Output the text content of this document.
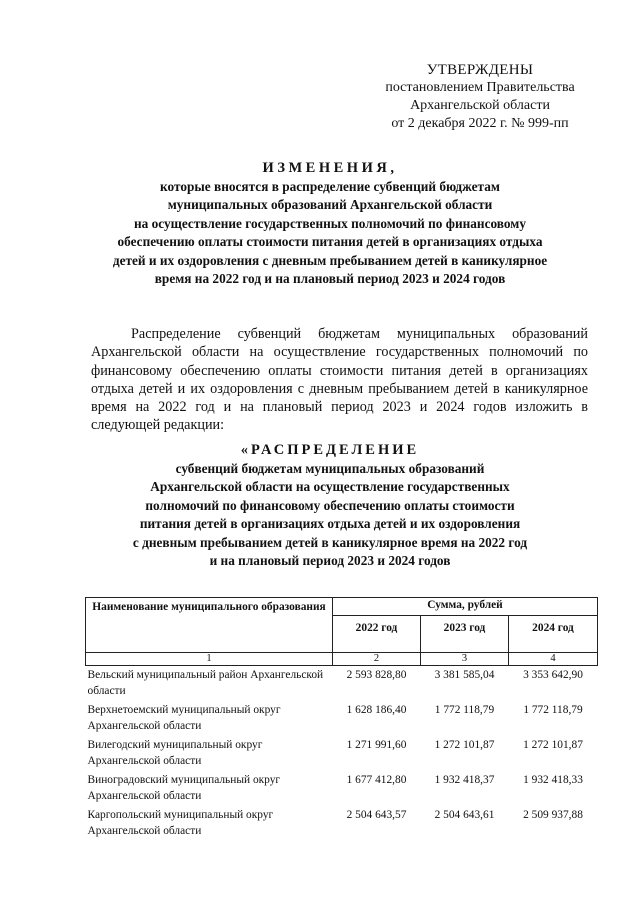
УТВЕРЖДЕНЫ
постановлением Правительства
Архангельской области
от 2 декабря 2022 г. № 999-пп
ИЗМЕНЕНИЯ,
которые вносятся в распределение субвенций бюджетам
муниципальных образований Архангельской области
на осуществление государственных полномочий по финансовому
обеспечению оплаты стоимости питания детей в организациях отдыха
детей и их оздоровления с дневным пребыванием детей в каникулярное
время на 2022 год и на плановый период 2023 и 2024 годов
Распределение субвенций бюджетам муниципальных образований Архангельской области на осуществление государственных полномочий по финансовому обеспечению оплаты стоимости питания детей в организациях отдыха детей и их оздоровления с дневным пребыванием детей в каникулярное время на 2022 год и на плановый период 2023 и 2024 годов изложить в следующей редакции:
«РАСПРЕДЕЛЕНИЕ
субвенций бюджетам муниципальных образований
Архангельской области на осуществление государственных
полномочий по финансовому обеспечению оплаты стоимости
питания детей в организациях отдыха детей и их оздоровления
с дневным пребыванием детей в каникулярное время на 2022 год
и на плановый период 2023 и 2024 годов
Наименование муниципального образования	Сумма, рублей		
	2022 год	2023 год	2024 год
1	2	3	4
Вельский муниципальный район Архангельской области	2 593 828,80	3 381 585,04	3 353 642,90
Верхнетоемский муниципальный округ Архангельской области	1 628 186,40	1 772 118,79	1 772 118,79
Вилегодский муниципальный округ Архангельской области	1 271 991,60	1 272 101,87	1 272 101,87
Виноградовский муниципальный округ Архангельской области	1 677 412,80	1 932 418,37	1 932 418,33
Каргопольский муниципальный округ Архангельской области	2 504 643,57	2 504 643,61	2 509 937,88
